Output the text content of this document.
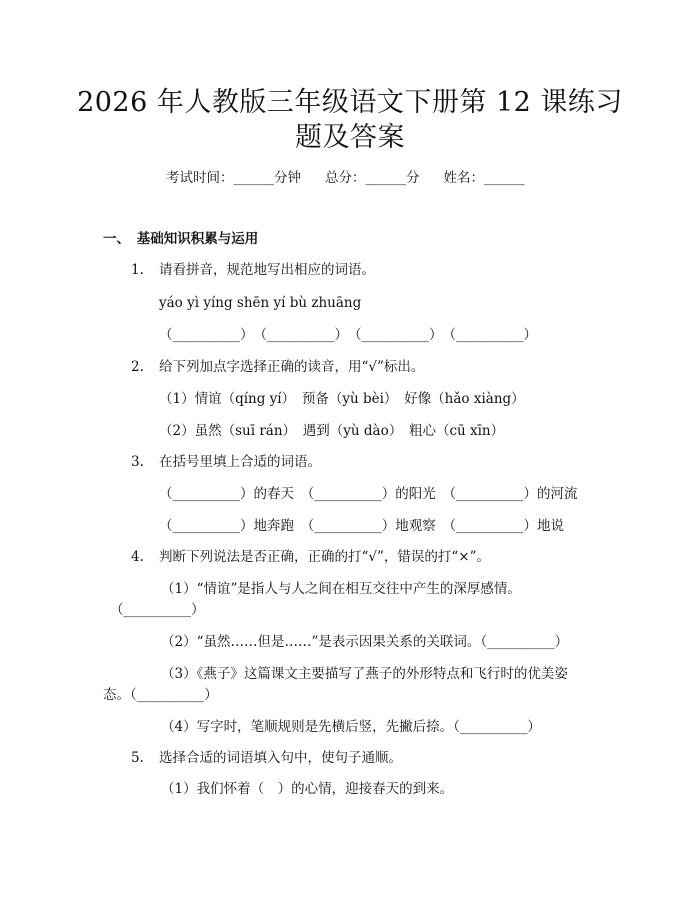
2026 年人教版三年级语文下册第 12 课练习
题及答案
考试时间：______分钟 总分：______分 姓名：______
一、　基础知识积累与运用
1. 请看拼音，规范地写出相应的词语。
yáo yì yíng shēn yí bù zhuāng
（__________）　（__________）　（__________）　（__________）
2. 给下列加点字选择正确的读音，用“√”标出。
（1）情谊（qíng yí）　预备（yù bèi）　好像（hǎo xiàng）
（2）虽然（suī rán）　遇到（yù dào）　粗心（cū xīn）
3. 在括号里填上合适的词语。
（__________）的春天　（__________）的阳光　（__________）的河流
（__________）地奔跑　（__________）地观察　（__________）地说
4. 判断下列说法是否正确，正确的打“√”，错误的打“×”。
（1）“情谊”是指人与人之间在相互交往中产生的深厚感情。
（__________）
（2）“虽然……但是……”是表示因果关系的关联词。（__________）
（3）《燕子》这篇课文主要描写了燕子的外形特点和飞行时的优美姿
态。（__________）
（4）写字时，笔顺规则是先横后竖，先撇后捺。（__________）
5. 选择合适的词语填入句中，使句子通顺。
（1）我们怀着（　）的心情，迎接春天的到来。
